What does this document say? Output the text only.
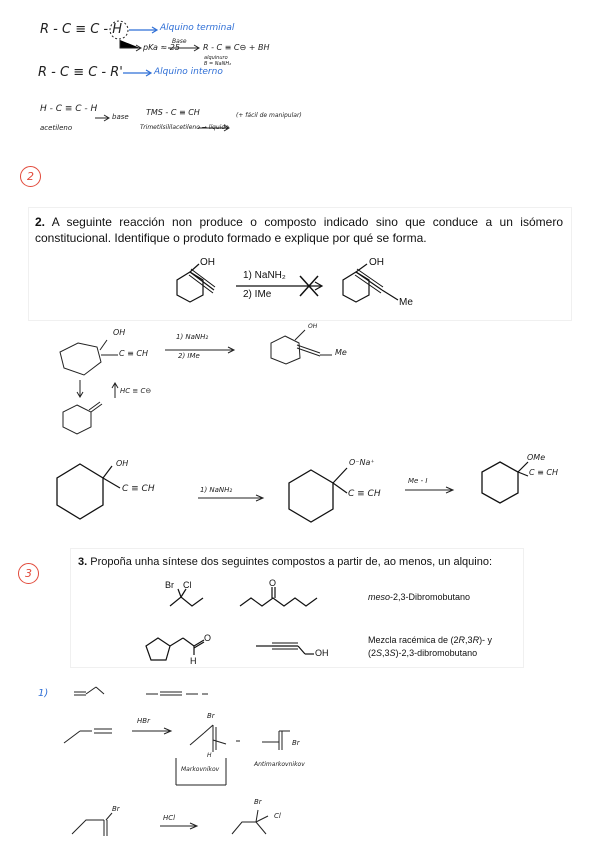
R - C ≡ C - H	Alquino terminal
pKa ≈ 25
Base
R - C ≡ C⊖ + BH
alquinuro
B = NaNH₂
R - C ≡ C - R'	Alquino interno
H - C ≡ C - H
acetileno
base TMS - C ≡ CH
Trimetilsililacetileno → líquido
(+ fácil de manipular)
2
2. A seguinte reacción non produce o composto indicado sino que conduce a un isómero constitucional. Identifique o produto formado e explique por qué se forma.
OH
1) NaNH₂
2) IMe
OH
Me
OH
C ≡ CH
1) NaNH₂
2) IMe
OH
Me
HC ≡ C⊖
OH
C ≡ CH	1) NaNH₂
O⁻Na⁺
C ≡ CH
Me - I
OMe
C ≡ CH
3
3. Propoña unha síntese dos seguintes compostos a partir de, ao menos, un alquino:
Br Cl	O
O
H
OH
meso-2,3-Dibromobutano
Mezcla racémica de (2R,3R)- y
(2S,3S)-2,3-dibromobutano
1)
HBr
Br
H
Markovnikov
Br
Antimarkovnikov
Br
HCl
Br
Cl
